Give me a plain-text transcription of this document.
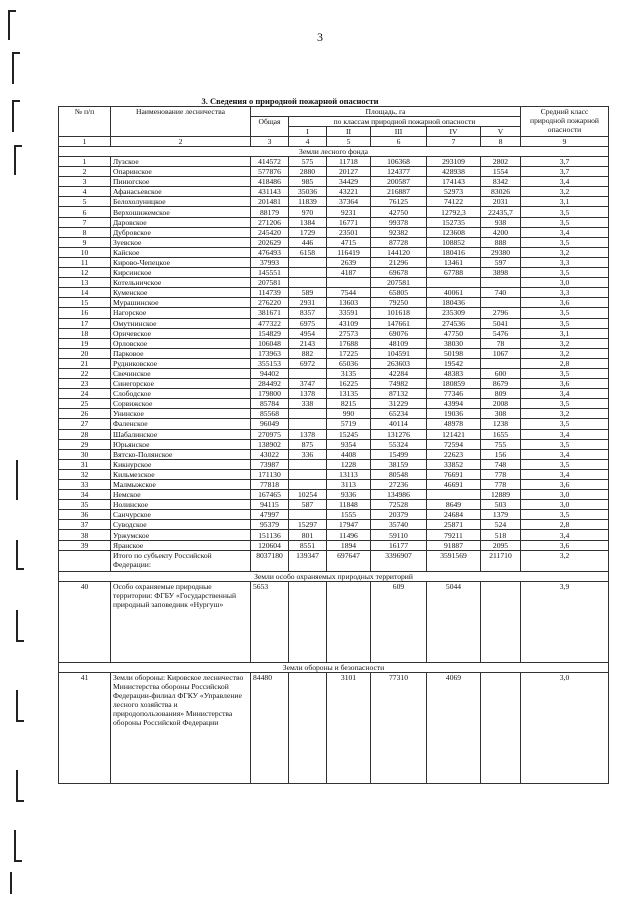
3
3. Сведения о природной пожарной опасности
№ п/п	Наименование лесничества	Площадь, га						Средний класс природной пожарной опасности
		Общая	по классам природной пожарной опасности					
			I	II	III	IV	V	
1	2	3	4	5	6	7	8	9
Земли лесного фонда								
1	Лузское	414572	575	11718	106368	293109	2802	3,7
2	Опаринское	577876	2880	20127	124377	428938	1554	3,7
3	Пинюгское	418486	985	34429	200587	174143	8342	3,4
4	Афанасьевское	431143	35036	43221	216887	52973	83026	3,2
5	Белохолуницкое	201481	11839	37364	76125	74122	2031	3,1
6	Верхошижемское	88179	970	9231	42750	12792,3	22435,7	3,5
7	Даровское	271206	1384	16771	99378	152735	938	3,5
8	Дубровское	245420	1729	23501	92382	123608	4200	3,4
9	Зуевское	202629	446	4715	87728	108852	888	3,5
10	Кайское	476493	6158	116419	144120	180416	29380	3,2
11	Кирово-Чепецкое	37993		2639	21296	13461	597	3,3
12	Кирсинское	145551		4187	69678	67788	3898	3,5
13	Котельничское	207581			207581			3,0
14	Куменское	114739	589	7544	65805	40061	740	3,3
15	Мурашинское	276220	2931	13603	79250	180436		3,6
16	Нагорское	381671	8357	33591	101618	235309	2796	3,5
17	Омутнинское	477322	6975	43109	147661	274536	5041	3,5
18	Оричевское	154829	4954	27573	69076	47750	5476	3,1
19	Орловское	106048	2143	17688	48109	38030	78	3,2
20	Парковое	173963	882	17225	104591	50198	1067	3,2
21	Рудниковское	355153	6972	65036	263603	19542		2,8
22	Свечинское	94402		3135	42284	48383	600	3,5
23	Синегорское	284492	3747	16225	74982	180859	8679	3,6
24	Слободское	179800	1378	13135	87132	77346	809	3,4
25	Сорвижское	85784	338	8215	31229	43994	2008	3,5
26	Унинское	85568		990	65234	19036	308	3,2
27	Фаленское	96049		5719	40114	48978	1238	3,5
28	Шабалинское	270975	1378	15245	131276	121421	1655	3,4
29	Юрьянское	138902	875	9354	55324	72594	755	3,5
30	Вятско-Полянское	43022	336	4408	15499	22623	156	3,4
31	Кикнурское	73987		1228	38159	33852	748	3,5
32	Кильмезское	171130		13113	80548	76691	778	3,4
33	Малмыжское	77818		3113	27236	46691	778	3,6
34	Немское	167465	10254	9336	134986		12889	3,0
35	Нолинское	94115	587	11848	72528	8649	503	3,0
36	Санчурское	47997		1555	20379	24684	1379	3,5
37	Суводское	95379	15297	17947	35740	25871	524	2,8
38	Уржумское	151136	801	11496	59110	79211	518	3,4
39	Яранское	120604	8551	1894	16177	91887	2095	3,6
	Итого по субъекту Российской Федерации:	8037180	139347	697647	3396907	3591569	211710	3,2
Земли особо охраняемых природных территорий								
40	Особо охраняемые природные территории: ФГБУ «Государственный природный заповедник «Нургуш»	5653			609	5044		3,9
Земли обороны и безопасности								
41	Земли обороны: Кировское лесничество Министерства обороны Российской Федерации-филиал ФГКУ «Управление лесного хозяйства и природопользования» Министерства обороны Российской Федерации	84480		3101	77310	4069		3,0
